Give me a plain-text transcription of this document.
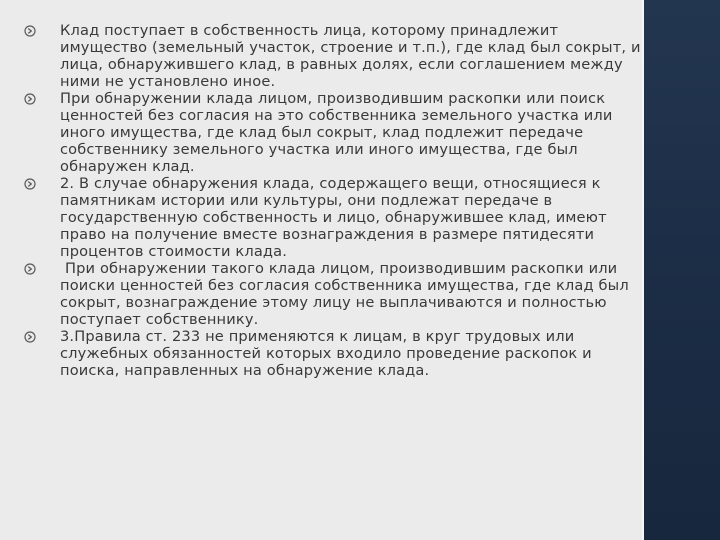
Клад поступает в собственность лица, которому принадлежит имущество (земельный участок, строение и т.п.), где клад был сокрыт, и лица, обнаружившего клад, в равных долях, если соглашением между ними не установлено иное.
При обнаружении клада лицом, производившим раскопки или поиск ценностей без согласия на это собственника земельного участка или иного имущества, где клад был сокрыт, клад подлежит передаче собственнику земельного участка или иного имущества, где был обнаружен клад.
2. В случае обнаружения клада, содержащего вещи, относящиеся к памятникам истории или культуры, они подлежат передаче в государственную собственность и лицо, обнаружившее клад, имеют право на получение вместе вознаграждения в размере пятидесяти процентов стоимости клада.
При обнаружении такого клада лицом, производившим раскопки или поиски ценностей без согласия собственника имущества, где клад был сокрыт, вознаграждение этому лицу не выплачиваются и полностью поступает собственнику.
3.Правила ст. 233 не применяются к лицам, в круг трудовых или служебных обязанностей которых входило проведение раскопок и поиска, направленных на обнаружение клада.
